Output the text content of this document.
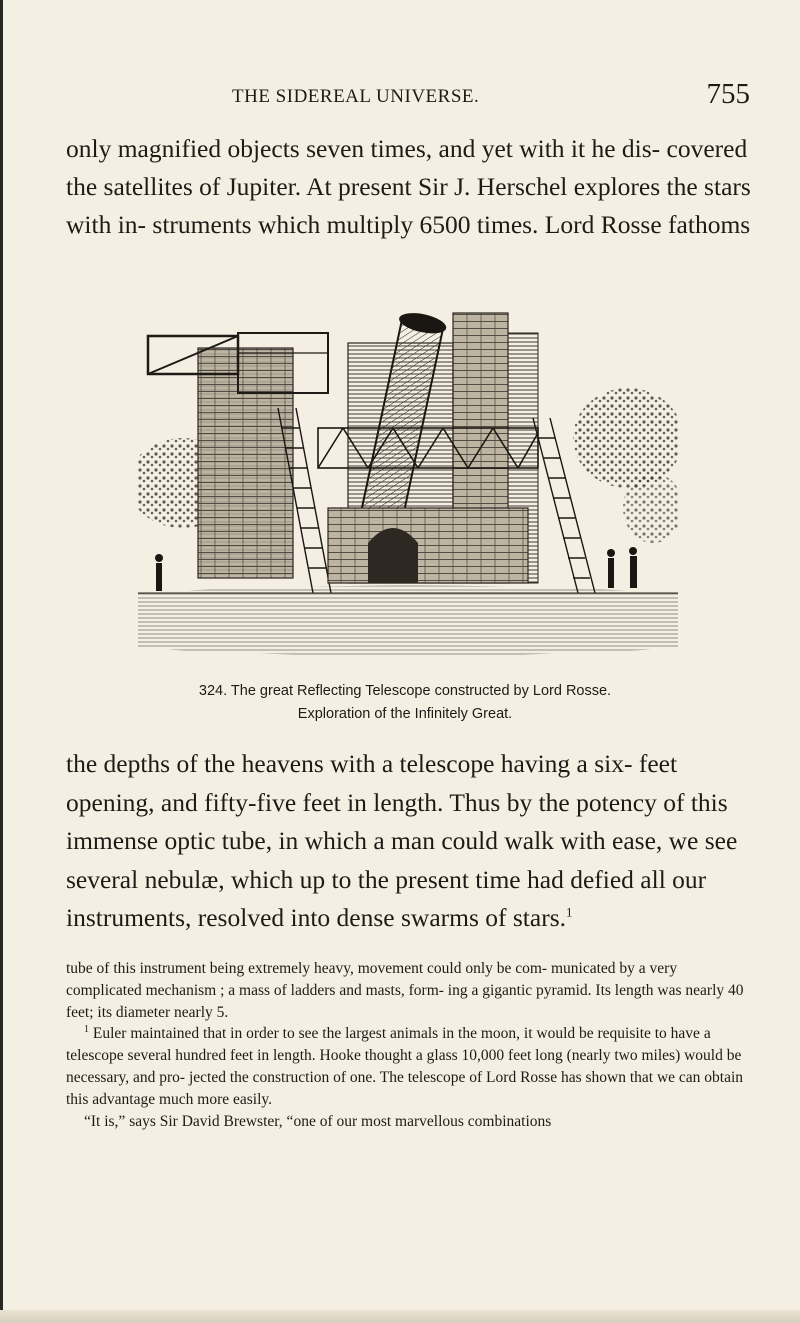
THE SIDEREAL UNIVERSE.	755

only magnified objects seven times, and yet with it he dis- covered the satellites of Jupiter. At present Sir J. Herschel explores the stars with in- struments which multiply 6500 times. Lord Rosse fathoms

324. The great Reflecting Telescope constructed by Lord Rosse.
Exploration of the Infinitely Great.

the depths of the heavens with a telescope having a six- feet opening, and fifty-five feet in length. Thus by the potency of this immense optic tube, in which a man could walk with ease, we see several nebulæ, which up to the present time had defied all our instruments, resolved into dense swarms of stars.$^1$

tube of this instrument being extremely heavy, movement could only be com- municated by a very complicated mechanism ; a mass of ladders and masts, form- ing a gigantic pyramid. Its length was nearly 40 feet; its diameter nearly 5.

$^1$ Euler maintained that in order to see the largest animals in the moon, it would be requisite to have a telescope several hundred feet in length. Hooke thought a glass 10,000 feet long (nearly two miles) would be necessary, and pro- jected the construction of one. The telescope of Lord Rosse has shown that we can obtain this advantage much more easily.

“It is,” says Sir David Brewster, “one of our most marvellous combinations
